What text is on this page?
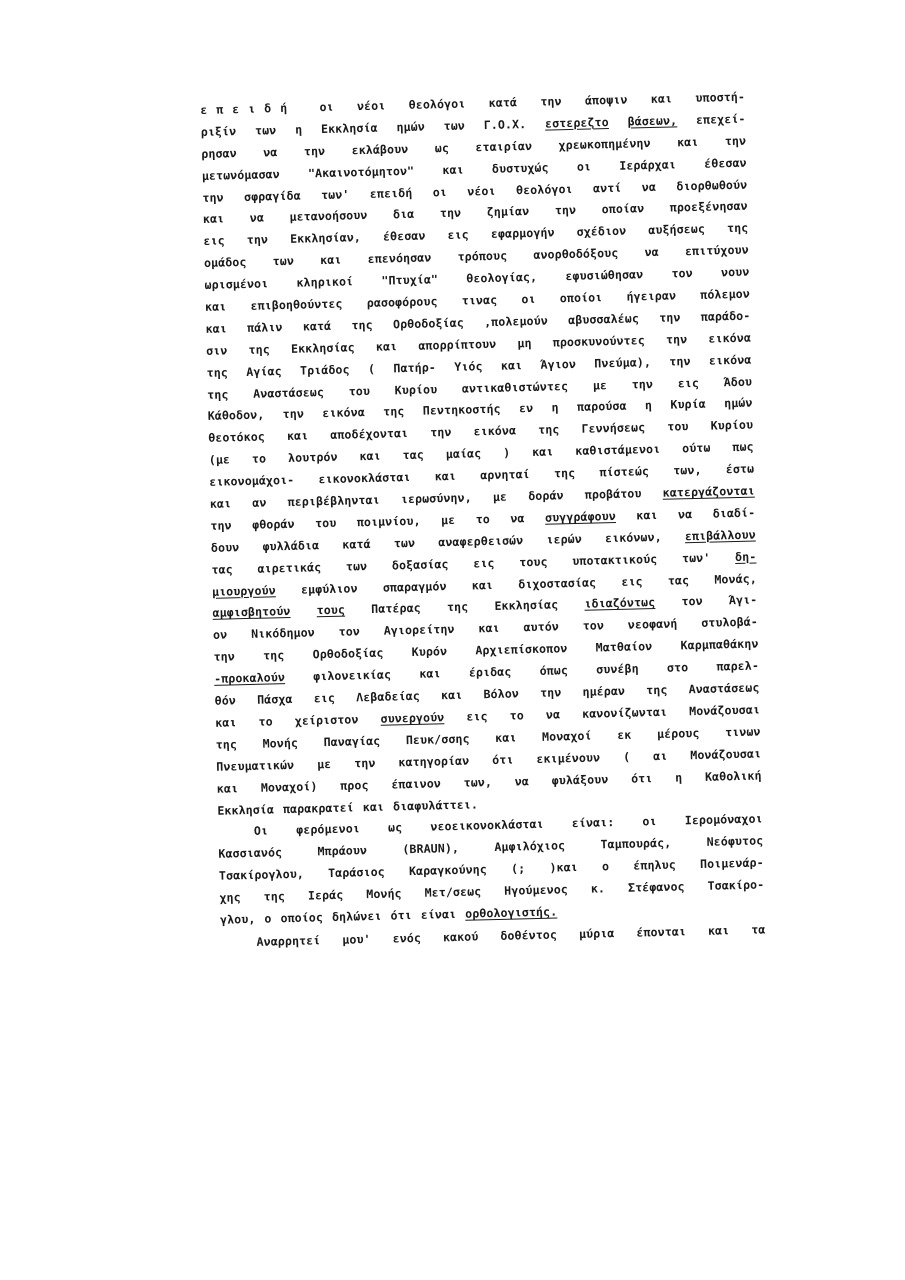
επειδή οι νέοι θεολόγοι κατά την άποψιν και υποστή-
ριξίν των η Εκκλησία ημών των Γ.Ο.Χ. εστερεζτο βάσεων, επεχεί-
ρησαν να την εκλάβουν ως εταιρίαν χρεωκοπημένην και την
μετωνόμασαν "Ακαινοτόμητον" και δυστυχώς οι Ιεράρχαι έθεσαν
την σφραγίδα των' επειδή οι νέοι θεολόγοι αντί να διορθωθούν
και να μετανοήσουν δια την ζημίαν την οποίαν προεξένησαν
εις την Εκκλησίαν, έθεσαν εις εφαρμογήν σχέδιον αυξήσεως της
ομάδος των και επενόησαν τρόπους ανορθοδόξους να επιτύχουν
ωρισμένοι κληρικοί "Πτυχία" θεολογίας, εφυσιώθησαν τον νουν
και επιβοηθούντες ρασοφόρους τινας οι οποίοι ήγειραν πόλεμον
και πάλιν κατά της Ορθοδοξίας ,πολεμούν αβυσσαλέως την παράδο-
σιν της Εκκλησίας και απορρίπτουν μη προσκυνούντες την εικόνα
της Αγίας Τριάδος ( Πατήρ- Υιός και Άγιον Πνεύμα), την εικόνα
της Αναστάσεως του Κυρίου αντικαθιστώντες με την εις Άδου
Κάθοδον, την εικόνα της Πεντηκοστής εν η παρούσα η Κυρία ημών
θεοτόκος και αποδέχονται την εικόνα της Γεννήσεως του Κυρίου
(με το λουτρόν και τας μαίας ) και καθιστάμενοι ούτω πως
εικονομάχοι- εικονοκλάσται και αρνηταί της πίστεώς των, έστω
και αν περιβέβληνται ιερωσύνην, με δοράν προβάτου κατεργάζονται
την φθοράν του ποιμνίου, με το να συγγράφουν και να διαδί-
δουν φυλλάδια κατά των αναφερθεισών ιερών εικόνων, επιβάλλουν
τας αιρετικάς των δοξασίας εις τους υποτακτικούς των' δη-
μιουργούν εμφύλιον σπαραγμόν και διχοστασίας εις τας Μονάς,
αμφισβητούν τους Πατέρας της Εκκλησίας ιδιαζόντως τον Άγι-
ον Νικόδημον τον Αγιορείτην και αυτόν τον νεοφανή στυλοβά-
την της Ορθοδοξίας Κυρόν Αρχιεπίσκοπον Ματθαίον Καρμπαθάκην
-προκαλούν φιλονεικίας και έριδας όπως συνέβη στο παρελ-
θόν Πάσχα εις Λεβαδείας και Βόλον την ημέραν της Αναστάσεως
και το χείριστον συνεργούν εις το να κανονίζωνται Μονάζουσαι
της Μονής Παναγίας Πευκ/σσης και Μοναχοί εκ μέρους τινων
Πνευματικών με την κατηγορίαν ότι εκιμένουν ( αι Μονάζουσαι
και Μοναχοί) προς έπαινον των, να φυλάξουν ότι η Καθολική
Εκκλησία παρακρατεί και διαφυλάττει.
Οι φερόμενοι ως νεοεικονοκλάσται είναι: οι Ιερομόναχοι
Κασσιανός	Μπράουν	(BRAUN),	Αμφιλόχιος	Ταμπουράς,	Νεόφυτος
Τσακίρογλου, Ταράσιος Καραγκούνης (; )και ο έπηλυς Ποιμενάρ-
χης της Ιεράς Μονής Μετ/σεως Ηγούμενος κ. Στέφανος Τσακίρο-
γλου, ο οποίος δηλώνει ότι είναι ορθολογιστής.
Αναρρητεί μου' ενός κακού δοθέντος μύρια έπονται και τα
